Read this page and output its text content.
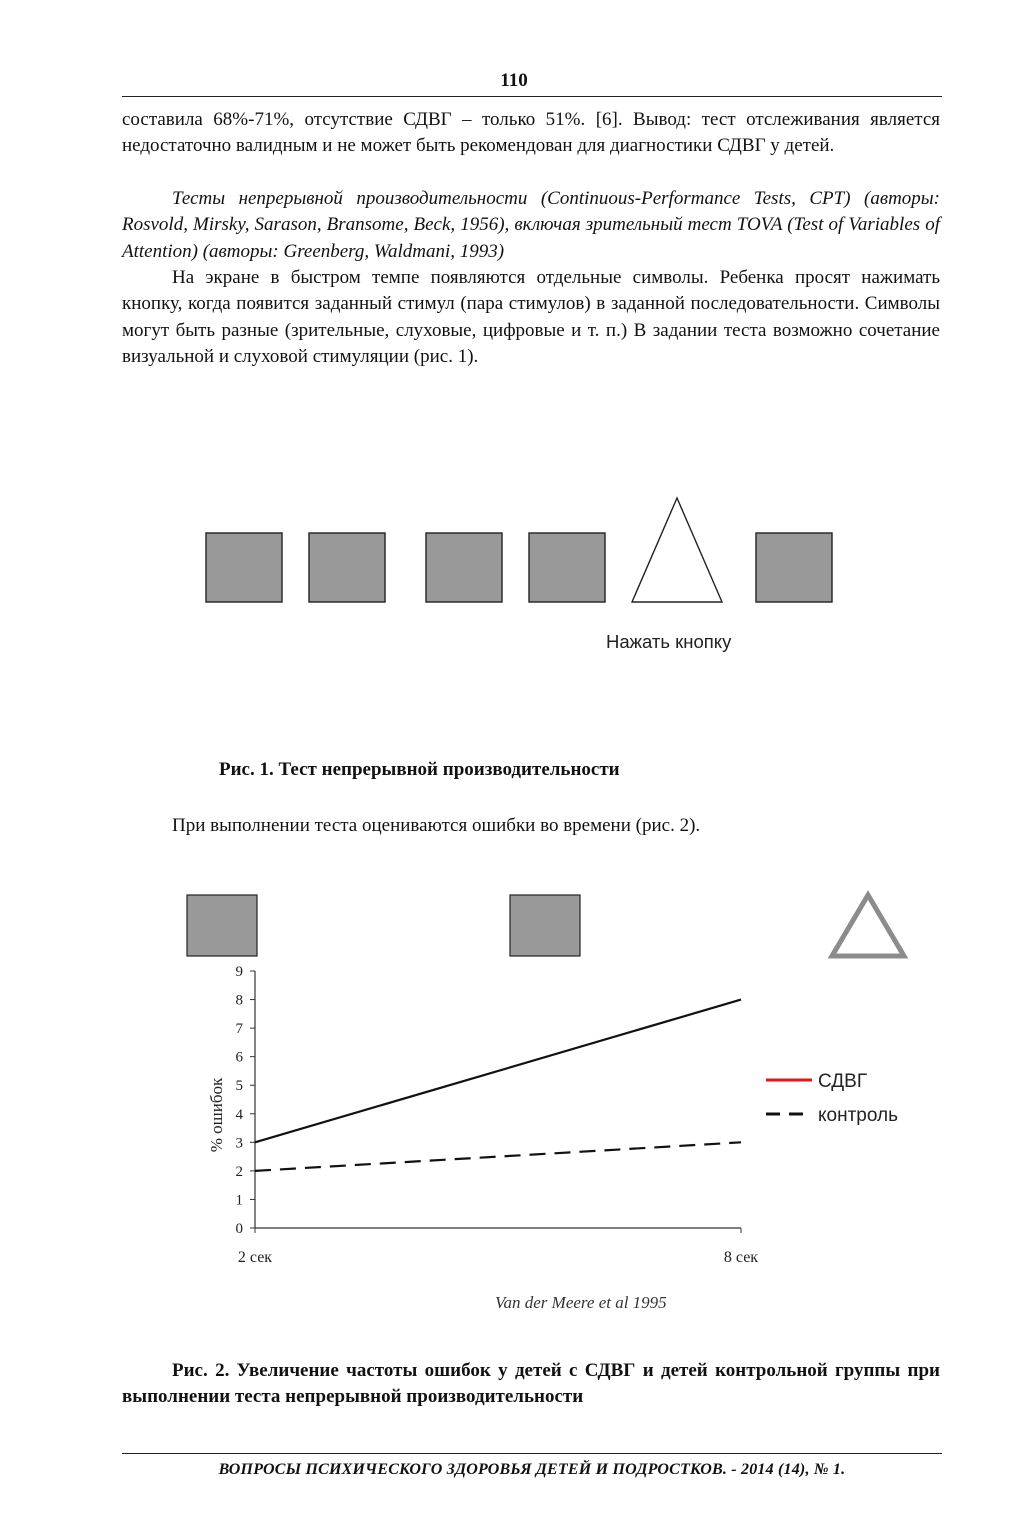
110
составила 68%-71%, отсутствие СДВГ – только 51%. [6]. Вывод: тест отслеживания является недостаточно валидным и не может быть рекомендован для диагностики СДВГ у детей.
Тесты непрерывной производительности (Continuous-Performance Tests, CPT) (авторы: Rosvold, Mirsky, Sarason, Bransome, Beck, 1956), включая зрительный тест TOVA (Test of Variables of Attention) (авторы: Greenberg, Waldmani, 1993)
На экране в быстром темпе появляются отдельные символы. Ребенка просят нажимать кнопку, когда появится заданный стимул (пара стимулов) в заданной последовательности. Символы могут быть разные (зрительные, слуховые, цифровые и т. п.) В задании теста возможно сочетание визуальной и слуховой стимуляции (рис. 1).
Нажать кнопку
Рис. 1. Тест непрерывной производительности
При выполнении теста оцениваются ошибки во времени (рис. 2).
0
1
2
3
4
5
6
7
8
9
2 сек	8 сек
% ошибок	СДВГ
контроль
Van der Meere et al 1995
Рис. 2. Увеличение частоты ошибок у детей с СДВГ и детей контрольной группы при выполнении теста непрерывной производительности
ВОПРОСЫ ПСИХИЧЕСКОГО ЗДОРОВЬЯ ДЕТЕЙ И ПОДРОСТКОВ. - 2014 (14), № 1.
